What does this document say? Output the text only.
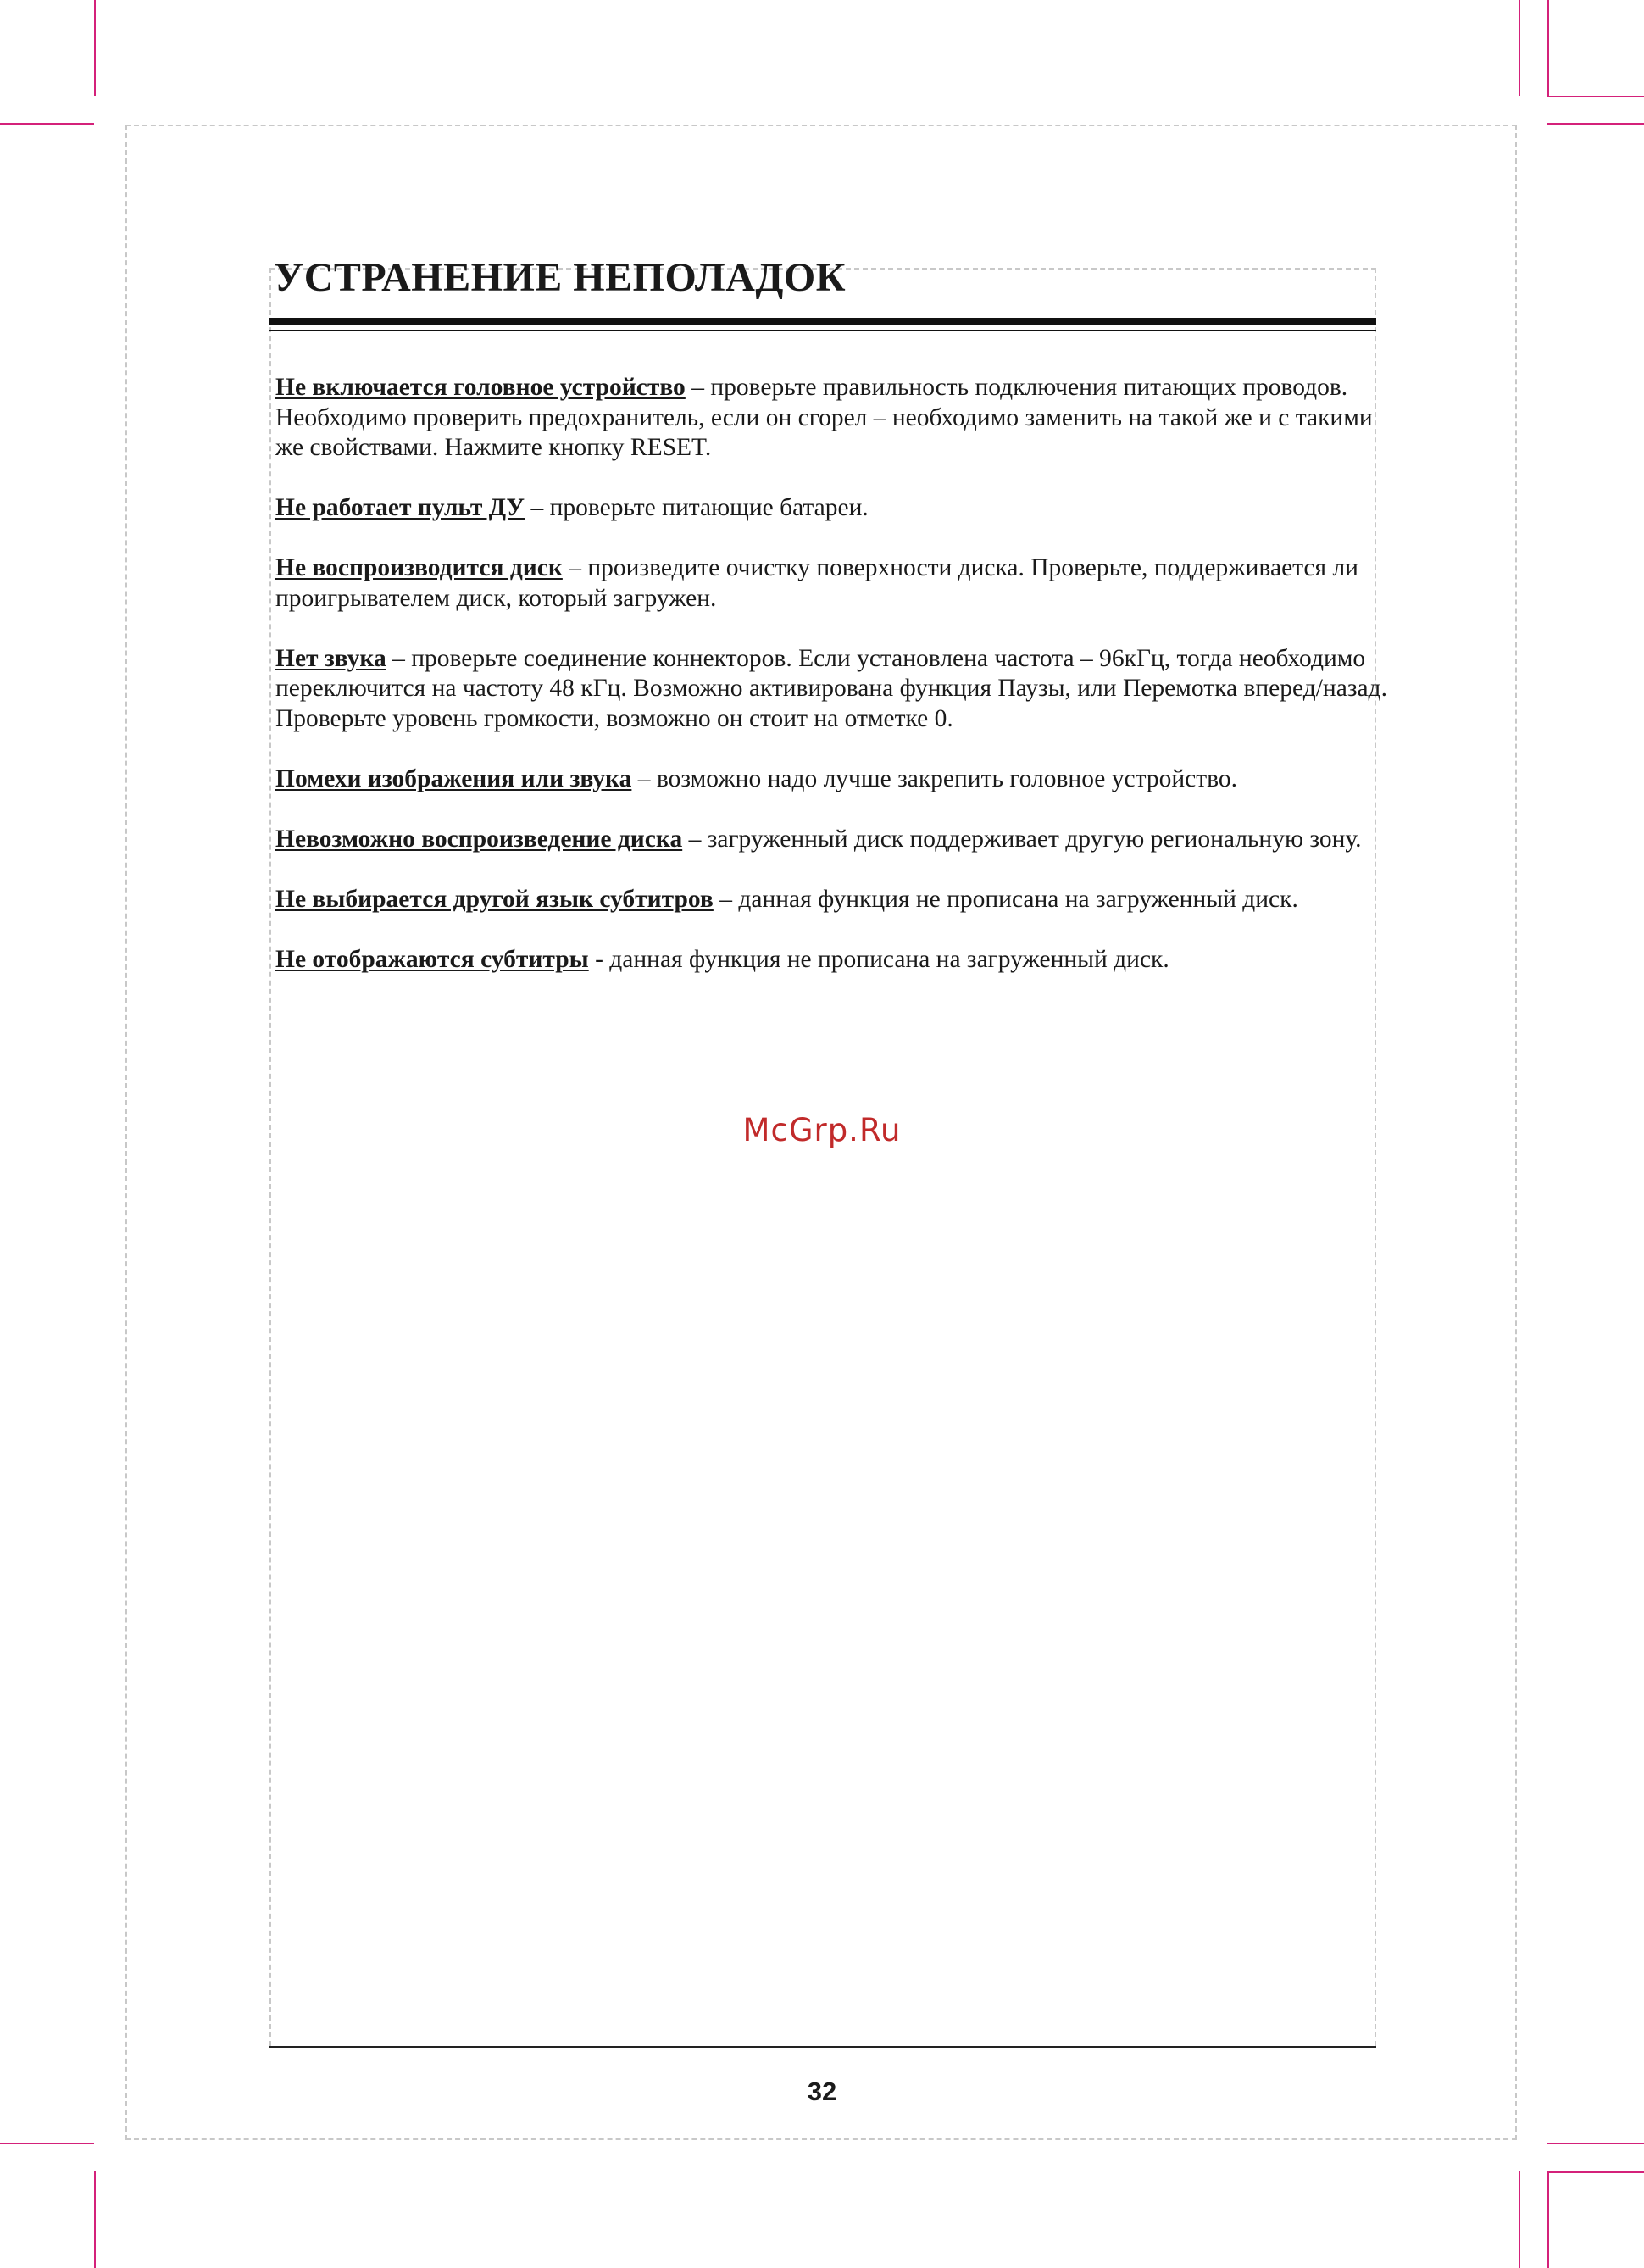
УСТРАНЕНИЕ НЕПОЛАДОК

Не включается головное устройство – проверьте правильность подключения питающих проводов. Необходимо проверить предохранитель, если он сгорел – необходимо заменить на такой же и с такими же свойствами. Нажмите кнопку RESET.

Не работает пульт ДУ – проверьте питающие батареи.

Не воспроизводится диск – произведите очистку поверхности диска. Проверьте, поддерживается ли проигрывателем диск, который загружен.

Нет звука – проверьте соединение коннекторов. Если установлена частота – 96кГц, тогда необходимо переключится на частоту 48 кГц. Возможно активирована функция Паузы, или Перемотка вперед/назад. Проверьте уровень громкости, возможно он стоит на отметке 0.

Помехи изображения или звука – возможно надо лучше закрепить головное устройство.

Невозможно воспроизведение диска – загруженный диск поддерживает другую региональную зону.

Не выбирается другой язык субтитров – данная функция не прописана на загруженный диск.

Не отображаются субтитры - данная функция не прописана на загруженный диск.

McGrp.Ru
32
